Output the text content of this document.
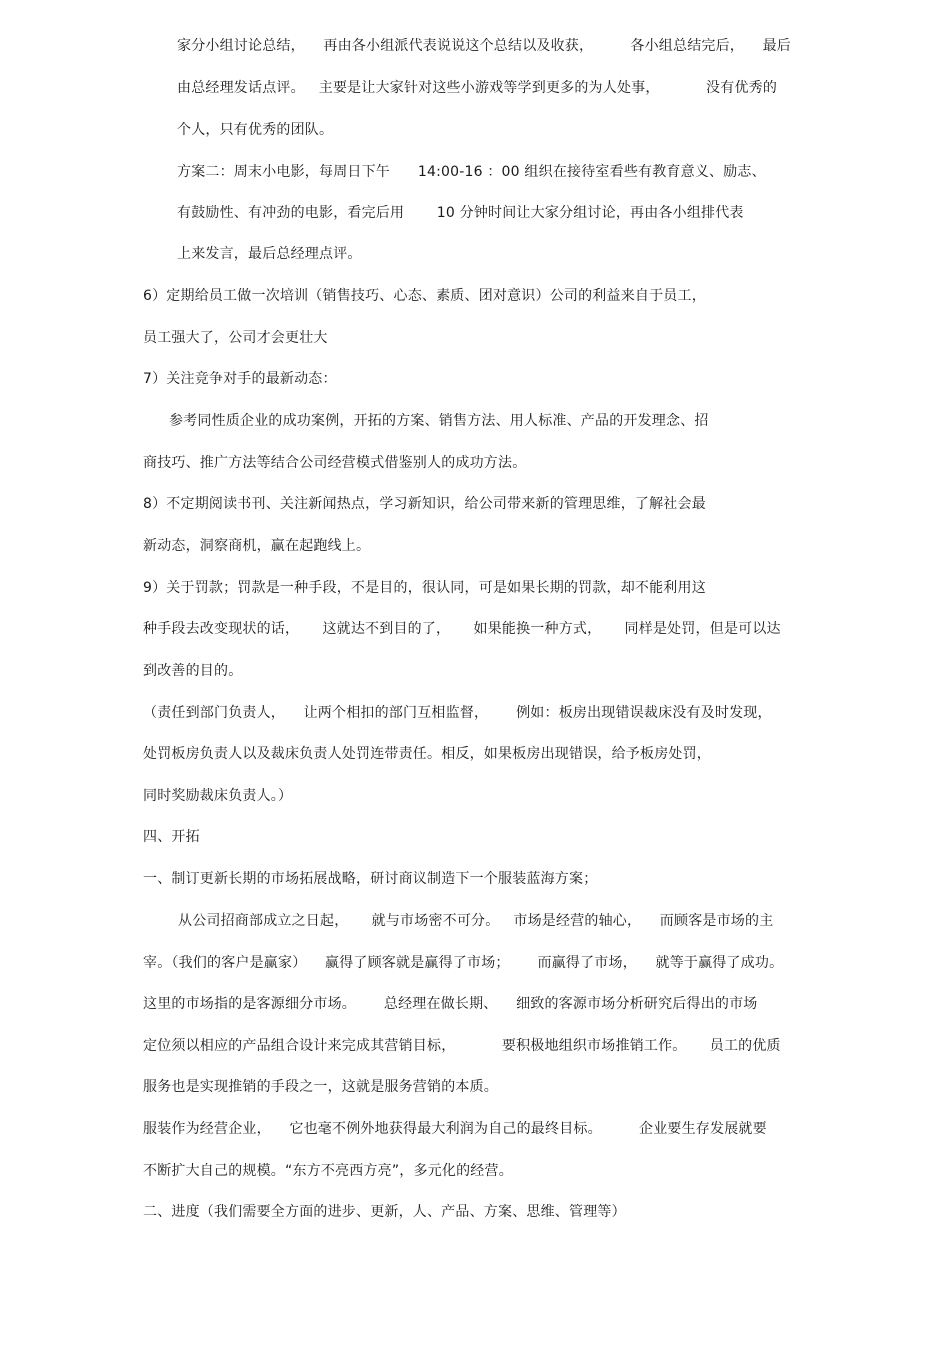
家分小组讨论总结，    再由各小组派代表说说这个总结以及收获，        各小组总结完后，    最后

由总经理发话点评。   主要是让大家针对这些小游戏等学到更多的为人处事，          没有优秀的

个人，只有优秀的团队。

方案二：周末小电影，每周日下午      14:00-16 ：00 组织在接待室看些有教育意义、励志、

有鼓励性、有冲劲的电影，看完后用       10 分钟时间让大家分组讨论，再由各小组排代表

上来发言，最后总经理点评。

6）定期给员工做一次培训（销售技巧、心态、素质、团对意识）公司的利益来自于员工，

员工强大了，公司才会更壮大

7）关注竞争对手的最新动态：

参考同性质企业的成功案例，开拓的方案、销售方法、用人标准、产品的开发理念、招

商技巧、推广方法等结合公司经营模式借鉴别人的成功方法。

8）不定期阅读书刊、关注新闻热点，学习新知识，给公司带来新的管理思维，了解社会最

新动态，洞察商机，赢在起跑线上。

9）关于罚款；罚款是一种手段，不是目的，很认同，可是如果长期的罚款，却不能利用这

种手段去改变现状的话，     这就达不到目的了，     如果能换一种方式，     同样是处罚，但是可以达

到改善的目的。

（责任到部门负责人，    让两个相扣的部门互相监督，      例如：板房出现错误裁床没有及时发现，

处罚板房负责人以及裁床负责人处罚连带责任。相反，如果板房出现错误，给予板房处罚，

同时奖励裁床负责人。）

四、开拓

一、制订更新长期的市场拓展战略，研讨商议制造下一个服装蓝海方案；

从公司招商部成立之日起，     就与市场密不可分。   市场是经营的轴心，    而顾客是市场的主

宰。（我们的客户是赢家）    赢得了顾客就是赢得了市场；      而赢得了市场，    就等于赢得了成功。

这里的市场指的是客源细分市场。      总经理在做长期、    细致的客源市场分析研究后得出的市场

定位须以相应的产品组合设计来完成其营销目标，          要积极地组织市场推销工作。     员工的优质

服务也是实现推销的手段之一，这就是服务营销的本质。

服装作为经营企业，    它也毫不例外地获得最大利润为自己的最终目标。        企业要生存发展就要

不断扩大自己的规模。“东方不亮西方亮”，多元化的经营。

二、进度（我们需要全方面的进步、更新，人、产品、方案、思维、管理等）
